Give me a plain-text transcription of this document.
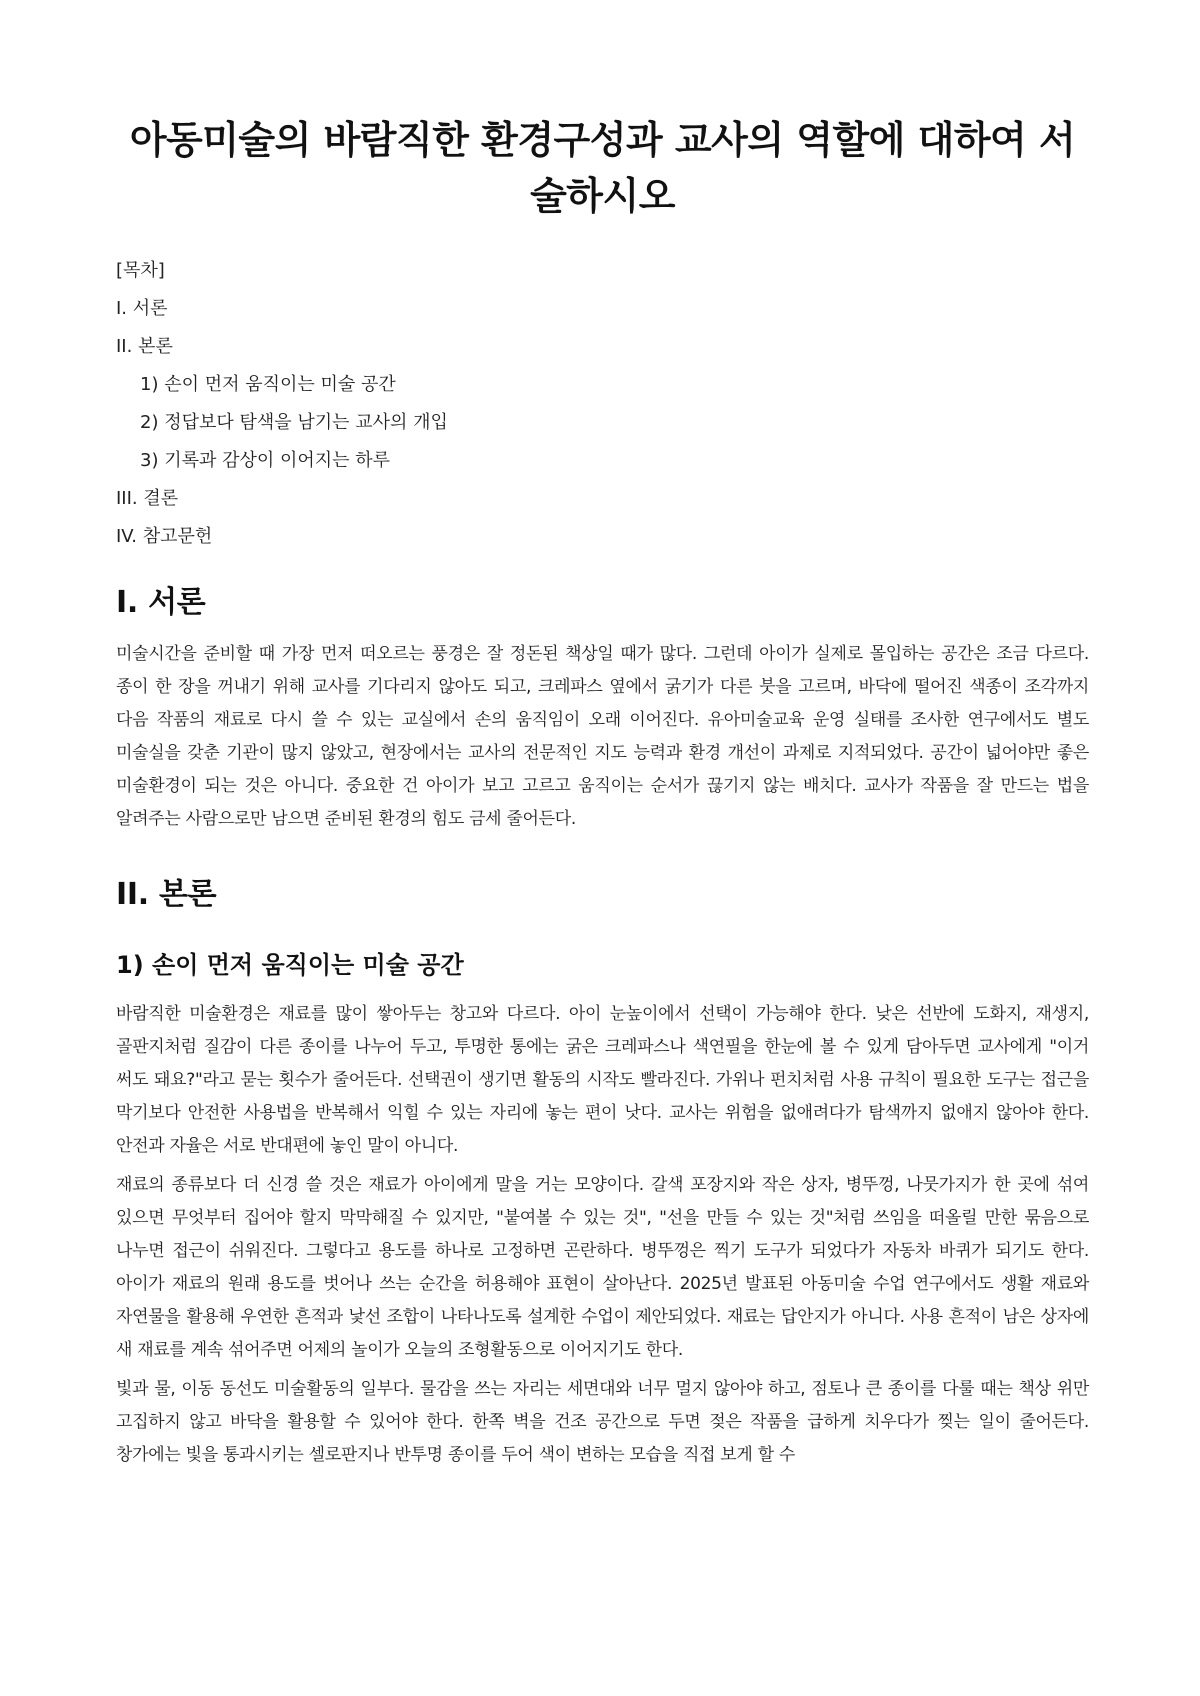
아동미술의 바람직한 환경구성과 교사의 역할에 대하여 서술하시오
[목차]
I. 서론
II. 본론
1) 손이 먼저 움직이는 미술 공간
2) 정답보다 탐색을 남기는 교사의 개입
3) 기록과 감상이 이어지는 하루
III. 결론
IV. 참고문헌
I. 서론

미술시간을 준비할 때 가장 먼저 떠오르는 풍경은 잘 정돈된 책상일 때가 많다. 그런데 아이가 실제로 몰입하는 공간은 조금 다르다. 종이 한 장을 꺼내기 위해 교사를 기다리지 않아도 되고, 크레파스 옆에서 굵기가 다른 붓을 고르며, 바닥에 떨어진 색종이 조각까지 다음 작품의 재료로 다시 쓸 수 있는 교실에서 손의 움직임이 오래 이어진다. 유아미술교육 운영 실태를 조사한 연구에서도 별도 미술실을 갖춘 기관이 많지 않았고, 현장에서는 교사의 전문적인 지도 능력과 환경 개선이 과제로 지적되었다. 공간이 넓어야만 좋은 미술환경이 되는 것은 아니다. 중요한 건 아이가 보고 고르고 움직이는 순서가 끊기지 않는 배치다. 교사가 작품을 잘 만드는 법을 알려주는 사람으로만 남으면 준비된 환경의 힘도 금세 줄어든다.

II. 본론
1) 손이 먼저 움직이는 미술 공간

바람직한 미술환경은 재료를 많이 쌓아두는 창고와 다르다. 아이 눈높이에서 선택이 가능해야 한다. 낮은 선반에 도화지, 재생지, 골판지처럼 질감이 다른 종이를 나누어 두고, 투명한 통에는 굵은 크레파스나 색연필을 한눈에 볼 수 있게 담아두면 교사에게 "이거 써도 돼요?"라고 묻는 횟수가 줄어든다. 선택권이 생기면 활동의 시작도 빨라진다. 가위나 펀치처럼 사용 규칙이 필요한 도구는 접근을 막기보다 안전한 사용법을 반복해서 익힐 수 있는 자리에 놓는 편이 낫다. 교사는 위험을 없애려다가 탐색까지 없애지 않아야 한다. 안전과 자율은 서로 반대편에 놓인 말이 아니다.

재료의 종류보다 더 신경 쓸 것은 재료가 아이에게 말을 거는 모양이다. 갈색 포장지와 작은 상자, 병뚜껑, 나뭇가지가 한 곳에 섞여 있으면 무엇부터 집어야 할지 막막해질 수 있지만, "붙여볼 수 있는 것", "선을 만들 수 있는 것"처럼 쓰임을 떠올릴 만한 묶음으로 나누면 접근이 쉬워진다. 그렇다고 용도를 하나로 고정하면 곤란하다. 병뚜껑은 찍기 도구가 되었다가 자동차 바퀴가 되기도 한다. 아이가 재료의 원래 용도를 벗어나 쓰는 순간을 허용해야 표현이 살아난다. 2025년 발표된 아동미술 수업 연구에서도 생활 재료와 자연물을 활용해 우연한 흔적과 낯선 조합이 나타나도록 설계한 수업이 제안되었다. 재료는 답안지가 아니다. 사용 흔적이 남은 상자에 새 재료를 계속 섞어주면 어제의 놀이가 오늘의 조형활동으로 이어지기도 한다.

빛과 물, 이동 동선도 미술활동의 일부다. 물감을 쓰는 자리는 세면대와 너무 멀지 않아야 하고, 점토나 큰 종이를 다룰 때는 책상 위만 고집하지 않고 바닥을 활용할 수 있어야 한다. 한쪽 벽을 건조 공간으로 두면 젖은 작품을 급하게 치우다가 찢는 일이 줄어든다. 창가에는 빛을 통과시키는 셀로판지나 반투명 종이를 두어 색이 변하는 모습을 직접 보게 할 수
